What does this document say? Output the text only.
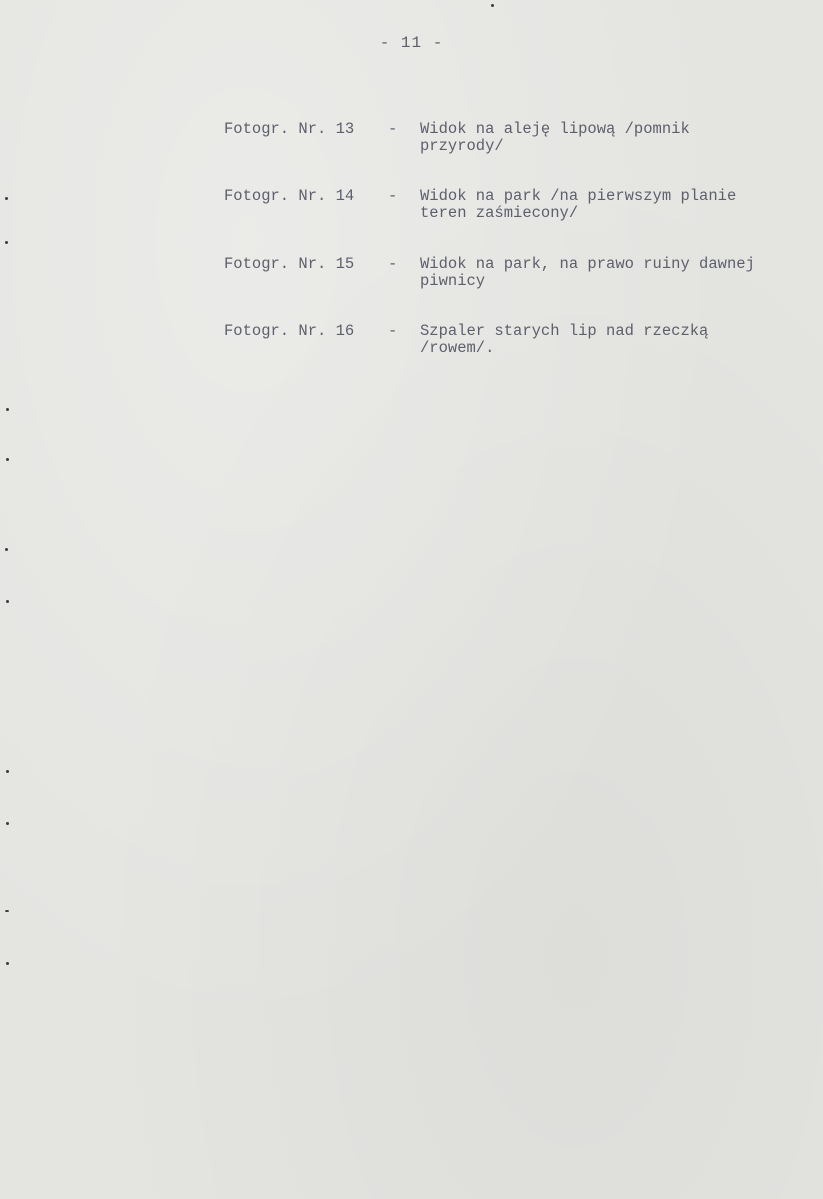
- 11 -
Fotogr. Nr. 13 - Widok na aleję lipową /pomnik
przyrody/
Fotogr. Nr. 14 - Widok na park /na pierwszym planie
teren zaśmiecony/
Fotogr. Nr. 15 - Widok na park, na prawo ruiny dawnej
piwnicy
Fotogr. Nr. 16 - Szpaler starych lip nad rzeczką
/rowem/.
